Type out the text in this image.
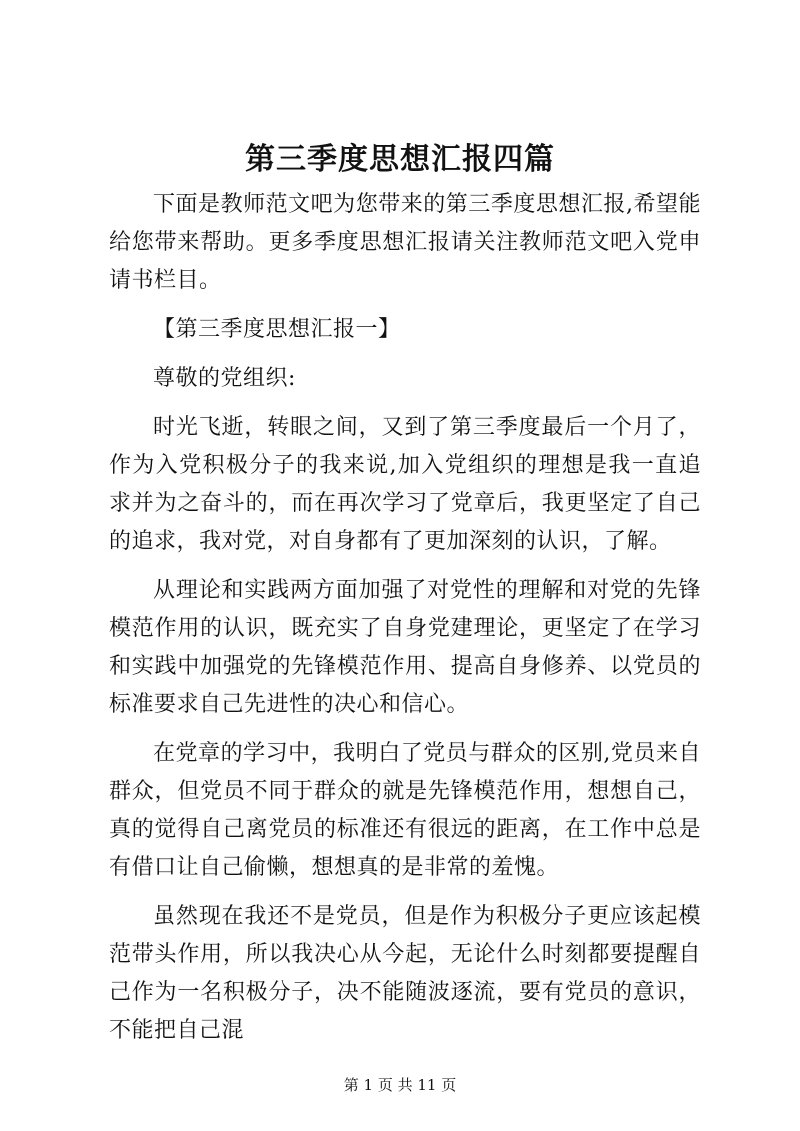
第三季度思想汇报四篇

下面是教师范文吧为您带来的第三季度思想汇报,希望能给您带来帮助。更多季度思想汇报请关注教师范文吧入党申请书栏目。

【第三季度思想汇报一】

尊敬的党组织:

时光飞逝，转眼之间，又到了第三季度最后一个月了，作为入党积极分子的我来说,加入党组织的理想是我一直追求并为之奋斗的，而在再次学习了党章后，我更坚定了自己的追求，我对党，对自身都有了更加深刻的认识，了解。

从理论和实践两方面加强了对党性的理解和对党的先锋模范作用的认识，既充实了自身党建理论，更坚定了在学习和实践中加强党的先锋模范作用、提高自身修养、以党员的标准要求自己先进性的决心和信心。

在党章的学习中，我明白了党员与群众的区别,党员来自群众，但党员不同于群众的就是先锋模范作用，想想自己，真的觉得自己离党员的标准还有很远的距离，在工作中总是有借口让自己偷懒，想想真的是非常的羞愧。

虽然现在我还不是党员，但是作为积极分子更应该起模范带头作用，所以我决心从今起，无论什么时刻都要提醒自己作为一名积极分子，决不能随波逐流，要有党员的意识，不能把自己混

第 1 页 共 11 页
